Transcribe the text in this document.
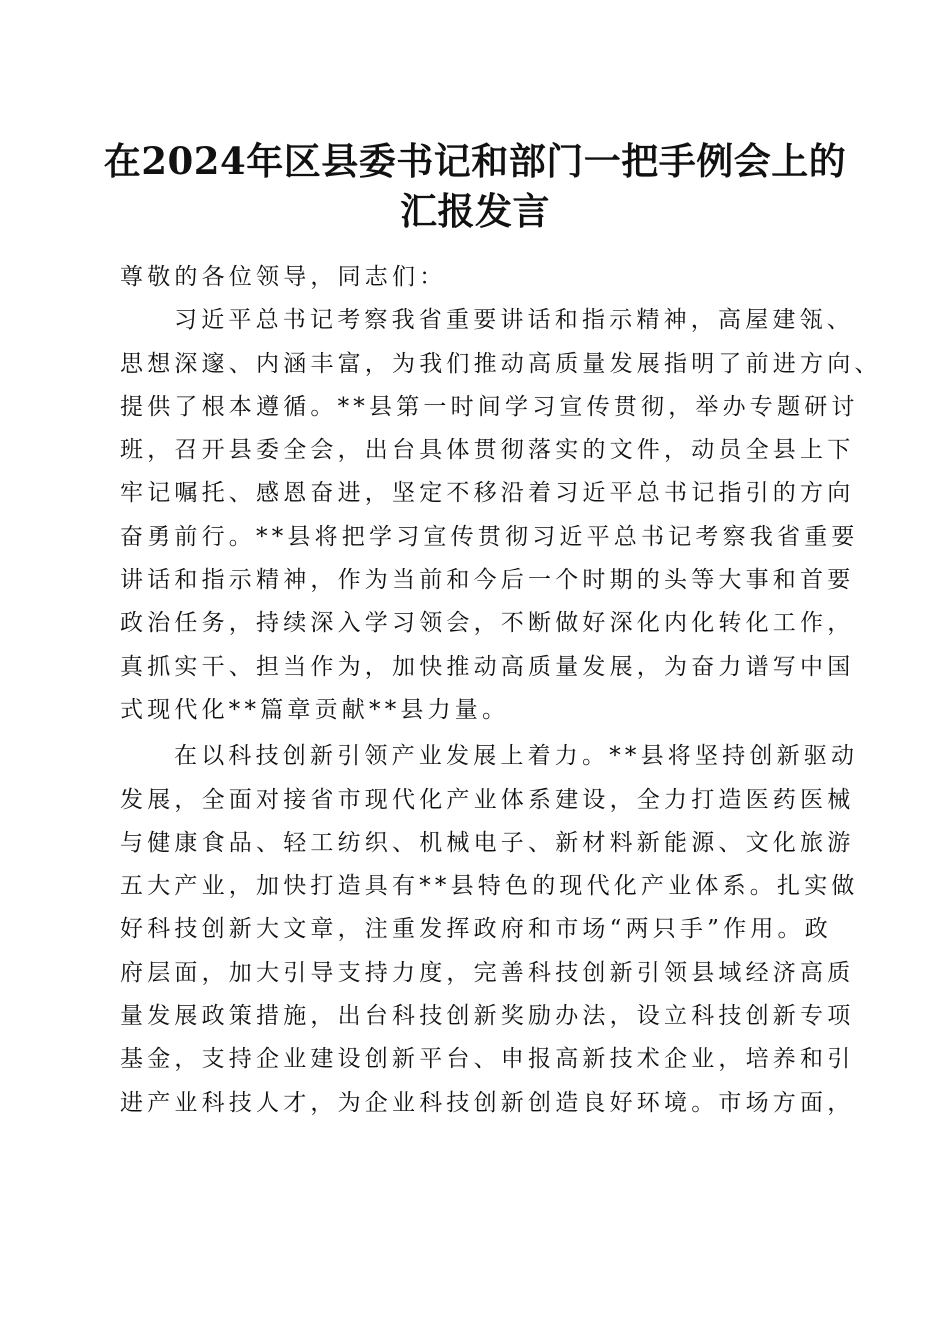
在2024年区县委书记和部门一把手例会上的
汇报发言
尊敬的各位领导，同志们：
习近平总书记考察我省重要讲话和指示精神，高屋建瓴、
思想深邃、内涵丰富，为我们推动高质量发展指明了前进方向、
提供了根本遵循。**县第一时间学习宣传贯彻，举办专题研讨
班，召开县委全会，出台具体贯彻落实的文件，动员全县上下
牢记嘱托、感恩奋进，坚定不移沿着习近平总书记指引的方向
奋勇前行。**县将把学习宣传贯彻习近平总书记考察我省重要
讲话和指示精神，作为当前和今后一个时期的头等大事和首要
政治任务，持续深入学习领会，不断做好深化内化转化工作，
真抓实干、担当作为，加快推动高质量发展，为奋力谱写中国
式现代化**篇章贡献**县力量。
在以科技创新引领产业发展上着力。**县将坚持创新驱动
发展，全面对接省市现代化产业体系建设，全力打造医药医械
与健康食品、轻工纺织、机械电子、新材料新能源、文化旅游
五大产业，加快打造具有**县特色的现代化产业体系。扎实做
好科技创新大文章，注重发挥政府和市场“两只手”作用。政
府层面，加大引导支持力度，完善科技创新引领县域经济高质
量发展政策措施，出台科技创新奖励办法，设立科技创新专项
基金，支持企业建设创新平台、申报高新技术企业，培养和引
进产业科技人才，为企业科技创新创造良好环境。市场方面，
